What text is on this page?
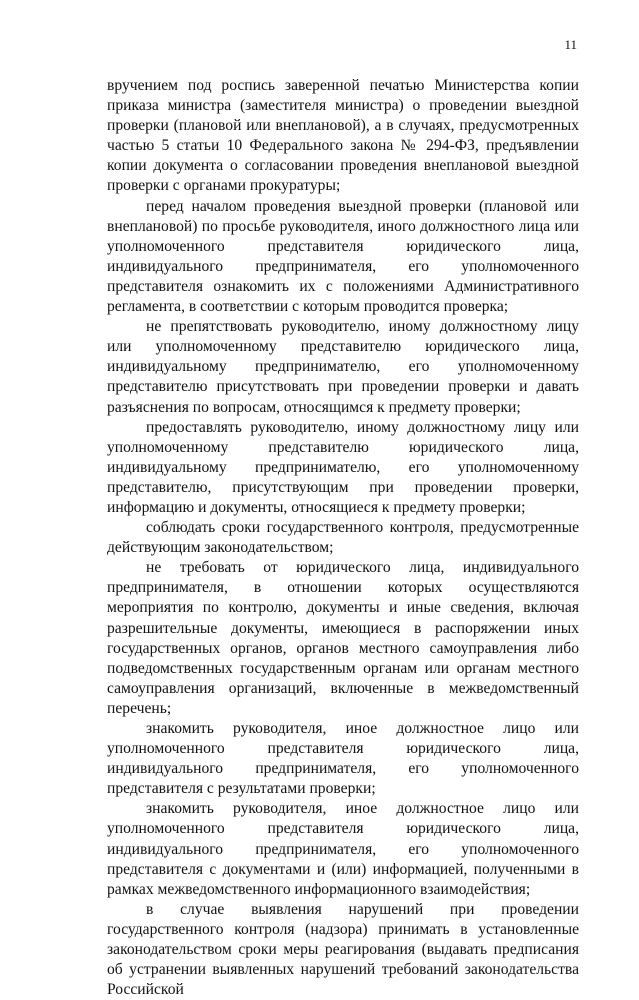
11

вручением под роспись заверенной печатью Министерства копии приказа министра (заместителя министра) о проведении выездной проверки (плановой или внеплановой), а в случаях, предусмотренных частью 5 статьи 10 Федерального закона № 294-ФЗ, предъявлении копии документа о согласовании проведения внеплановой выездной проверки с органами прокуратуры;

перед началом проведения выездной проверки (плановой или внеплановой) по просьбе руководителя, иного должностного лица или уполномоченного представителя юридического лица, индивидуального предпринимателя, его уполномоченного представителя ознакомить их с положениями Административного регламента, в соответствии с которым проводится проверка;

не препятствовать руководителю, иному должностному лицу или уполномоченному представителю юридического лица, индивидуальному предпринимателю, его уполномоченному представителю присутствовать при проведении проверки и давать разъяснения по вопросам, относящимся к предмету проверки;

предоставлять руководителю, иному должностному лицу или уполномоченному представителю юридического лица, индивидуальному предпринимателю, его уполномоченному представителю, присутствующим при проведении проверки, информацию и документы, относящиеся к предмету проверки;

соблюдать сроки государственного контроля, предусмотренные действующим законодательством;

не требовать от юридического лица, индивидуального предпринимателя, в отношении которых осуществляются мероприятия по контролю, документы и иные сведения, включая разрешительные документы, имеющиеся в распоряжении иных государственных органов, органов местного самоуправления либо подведомственных государственным органам или органам местного самоуправления организаций, включенные в межведомственный перечень;

знакомить руководителя, иное должностное лицо или уполномоченного представителя юридического лица, индивидуального предпринимателя, его уполномоченного представителя с результатами проверки;

знакомить руководителя, иное должностное лицо или уполномоченного представителя юридического лица, индивидуального предпринимателя, его уполномоченного представителя с документами и (или) информацией, полученными в рамках межведомственного информационного взаимодействия;

в случае выявления нарушений при проведении государственного контроля (надзора) принимать в установленные законодательством сроки меры реагирования (выдавать предписания об устранении выявленных нарушений требований законодательства Российской
